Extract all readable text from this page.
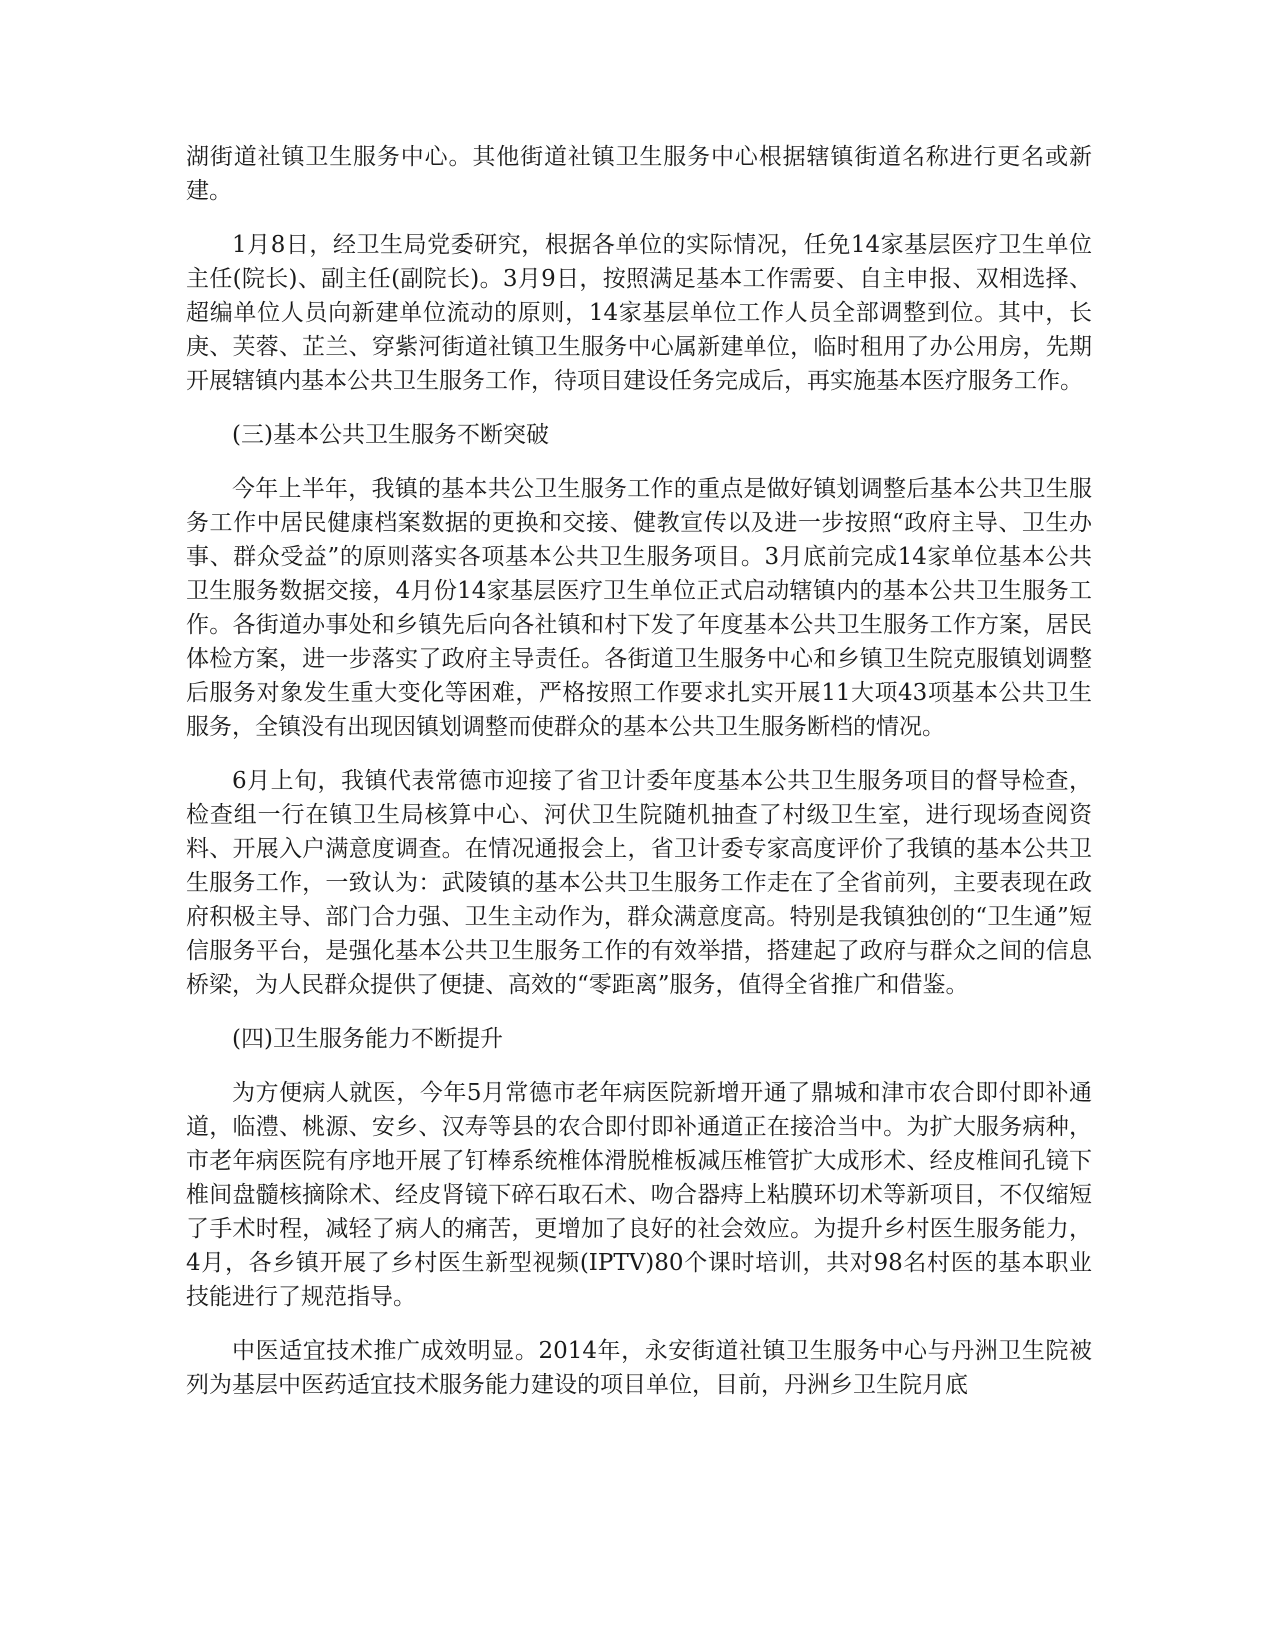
湖街道社镇卫生服务中心。其他街道社镇卫生服务中心根据辖镇街道名称进行更名或新建。

1月8日，经卫生局党委研究，根据各单位的实际情况，任免14家基层医疗卫生单位主任(院长)、副主任(副院长)。3月9日，按照满足基本工作需要、自主申报、双相选择、超编单位人员向新建单位流动的原则，14家基层单位工作人员全部调整到位。其中，长庚、芙蓉、芷兰、穿紫河街道社镇卫生服务中心属新建单位，临时租用了办公用房，先期开展辖镇内基本公共卫生服务工作，待项目建设任务完成后，再实施基本医疗服务工作。

(三)基本公共卫生服务不断突破

今年上半年，我镇的基本共公卫生服务工作的重点是做好镇划调整后基本公共卫生服务工作中居民健康档案数据的更换和交接、健教宣传以及进一步按照“政府主导、卫生办事、群众受益”的原则落实各项基本公共卫生服务项目。3月底前完成14家单位基本公共卫生服务数据交接，4月份14家基层医疗卫生单位正式启动辖镇内的基本公共卫生服务工作。各街道办事处和乡镇先后向各社镇和村下发了年度基本公共卫生服务工作方案，居民体检方案，进一步落实了政府主导责任。各街道卫生服务中心和乡镇卫生院克服镇划调整后服务对象发生重大变化等困难，严格按照工作要求扎实开展11大项43项基本公共卫生服务，全镇没有出现因镇划调整而使群众的基本公共卫生服务断档的情况。

6月上旬，我镇代表常德市迎接了省卫计委年度基本公共卫生服务项目的督导检查，检查组一行在镇卫生局核算中心、河伏卫生院随机抽查了村级卫生室，进行现场查阅资料、开展入户满意度调查。在情况通报会上，省卫计委专家高度评价了我镇的基本公共卫生服务工作，一致认为：武陵镇的基本公共卫生服务工作走在了全省前列，主要表现在政府积极主导、部门合力强、卫生主动作为，群众满意度高。特别是我镇独创的“卫生通”短信服务平台，是强化基本公共卫生服务工作的有效举措，搭建起了政府与群众之间的信息桥梁，为人民群众提供了便捷、高效的“零距离”服务，值得全省推广和借鉴。

(四)卫生服务能力不断提升

为方便病人就医，今年5月常德市老年病医院新增开通了鼎城和津市农合即付即补通道，临澧、桃源、安乡、汉寿等县的农合即付即补通道正在接洽当中。为扩大服务病种，市老年病医院有序地开展了钉棒系统椎体滑脱椎板减压椎管扩大成形术、经皮椎间孔镜下椎间盘髓核摘除术、经皮肾镜下碎石取石术、吻合器痔上粘膜环切术等新项目，不仅缩短了手术时程，减轻了病人的痛苦，更增加了良好的社会效应。为提升乡村医生服务能力，4月，各乡镇开展了乡村医生新型视频(IPTV)80个课时培训，共对98名村医的基本职业技能进行了规范指导。

中医适宜技术推广成效明显。2014年，永安街道社镇卫生服务中心与丹洲卫生院被列为基层中医药适宜技术服务能力建设的项目单位，目前，丹洲乡卫生院月底
